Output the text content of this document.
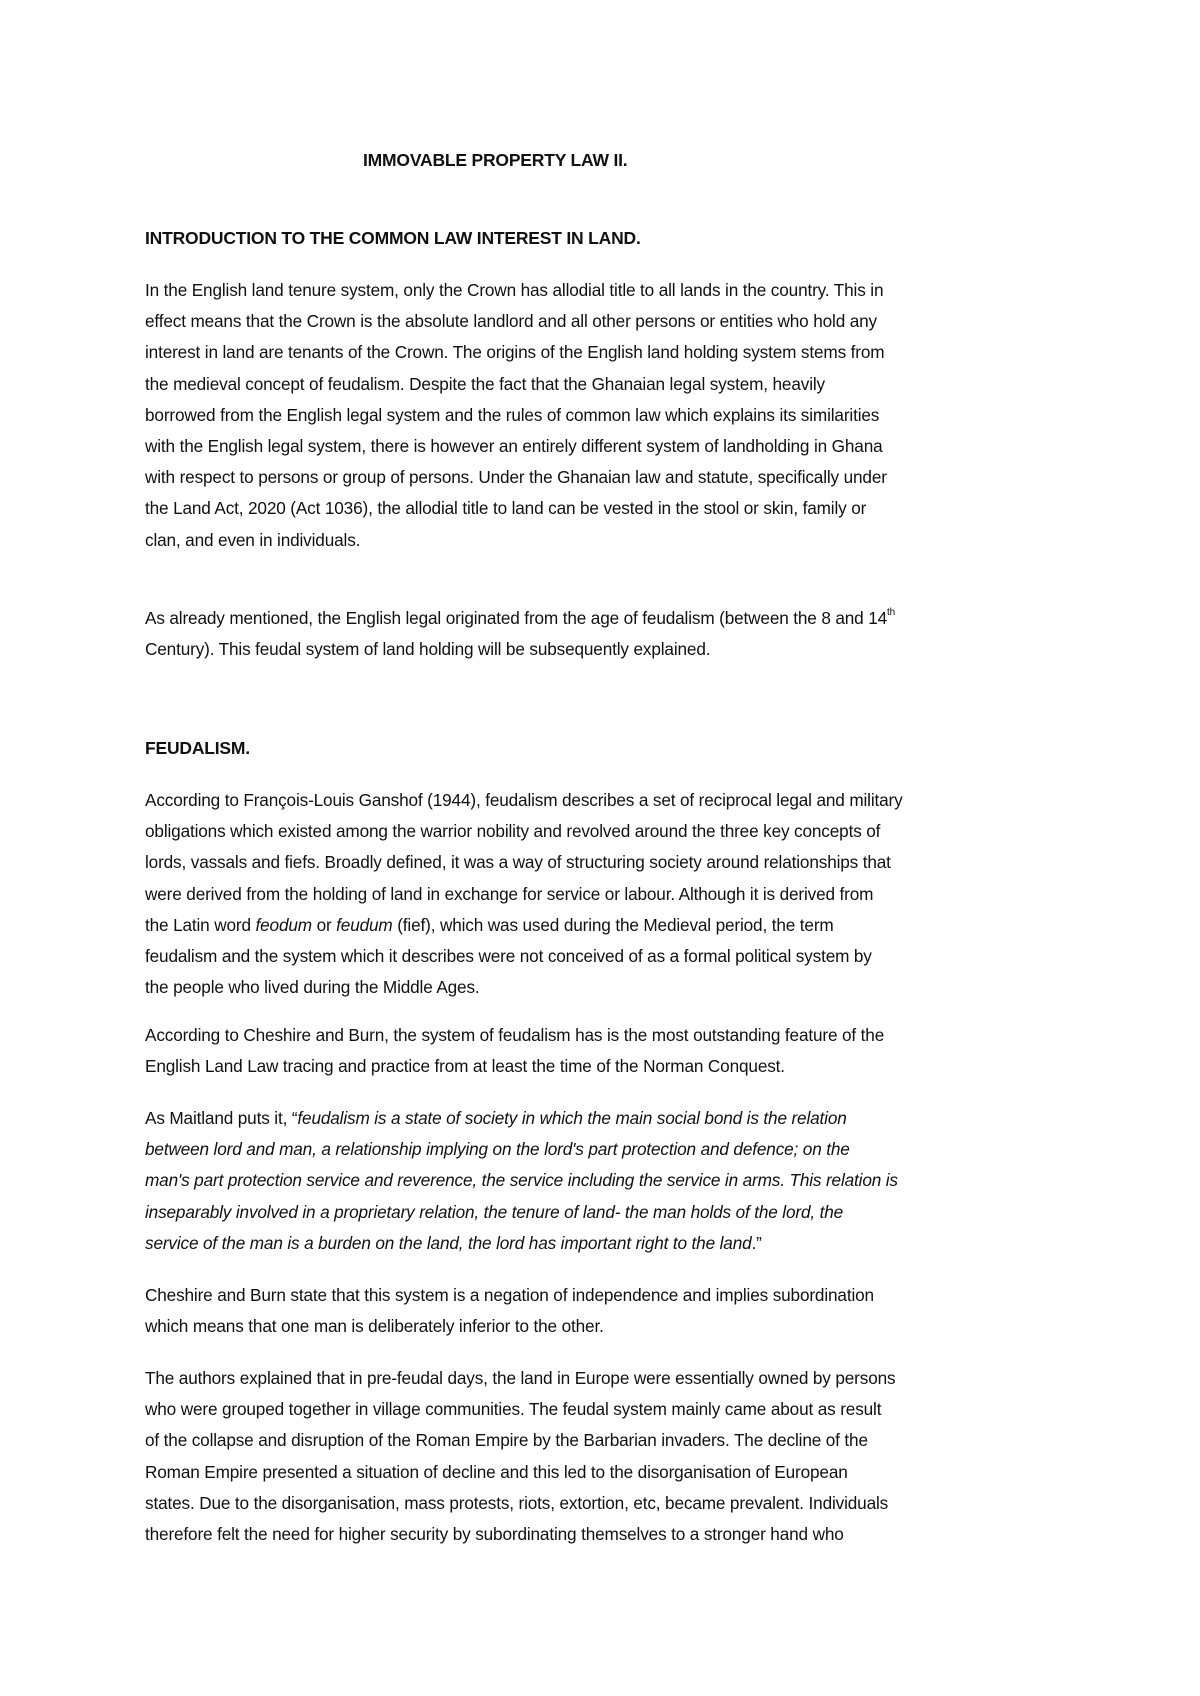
IMMOVABLE PROPERTY LAW II.
INTRODUCTION TO THE COMMON LAW INTEREST IN LAND.

In the English land tenure system, only the Crown has allodial title to all lands in the country. This in
effect means that the Crown is the absolute landlord and all other persons or entities who hold any
interest in land are tenants of the Crown. The origins of the English land holding system stems from
the medieval concept of feudalism. Despite the fact that the Ghanaian legal system, heavily
borrowed from the English legal system and the rules of common law which explains its similarities
with the English legal system, there is however an entirely different system of landholding in Ghana
with respect to persons or group of persons. Under the Ghanaian law and statute, specifically under
the Land Act, 2020 (Act 1036), the allodial title to land can be vested in the stool or skin, family or
clan, and even in individuals.

As already mentioned, the English legal originated from the age of feudalism (between the 8 and 14th
Century). This feudal system of land holding will be subsequently explained.

FEUDALISM.

According to François-Louis Ganshof (1944), feudalism describes a set of reciprocal legal and military
obligations which existed among the warrior nobility and revolved around the three key concepts of
lords, vassals and fiefs. Broadly defined, it was a way of structuring society around relationships that
were derived from the holding of land in exchange for service or labour. Although it is derived from
the Latin word feodum or feudum (fief), which was used during the Medieval period, the term
feudalism and the system which it describes were not conceived of as a formal political system by
the people who lived during the Middle Ages.

According to Cheshire and Burn, the system of feudalism has is the most outstanding feature of the
English Land Law tracing and practice from at least the time of the Norman Conquest.

As Maitland puts it, “feudalism is a state of society in which the main social bond is the relation
between lord and man, a relationship implying on the lord's part protection and defence; on the
man's part protection service and reverence, the service including the service in arms. This relation is
inseparably involved in a proprietary relation, the tenure of land- the man holds of the lord, the
service of the man is a burden on the land, the lord has important right to the land.”

Cheshire and Burn state that this system is a negation of independence and implies subordination
which means that one man is deliberately inferior to the other.

The authors explained that in pre-feudal days, the land in Europe were essentially owned by persons
who were grouped together in village communities. The feudal system mainly came about as result
of the collapse and disruption of the Roman Empire by the Barbarian invaders. The decline of the
Roman Empire presented a situation of decline and this led to the disorganisation of European
states. Due to the disorganisation, mass protests, riots, extortion, etc, became prevalent. Individuals
therefore felt the need for higher security by subordinating themselves to a stronger hand who
